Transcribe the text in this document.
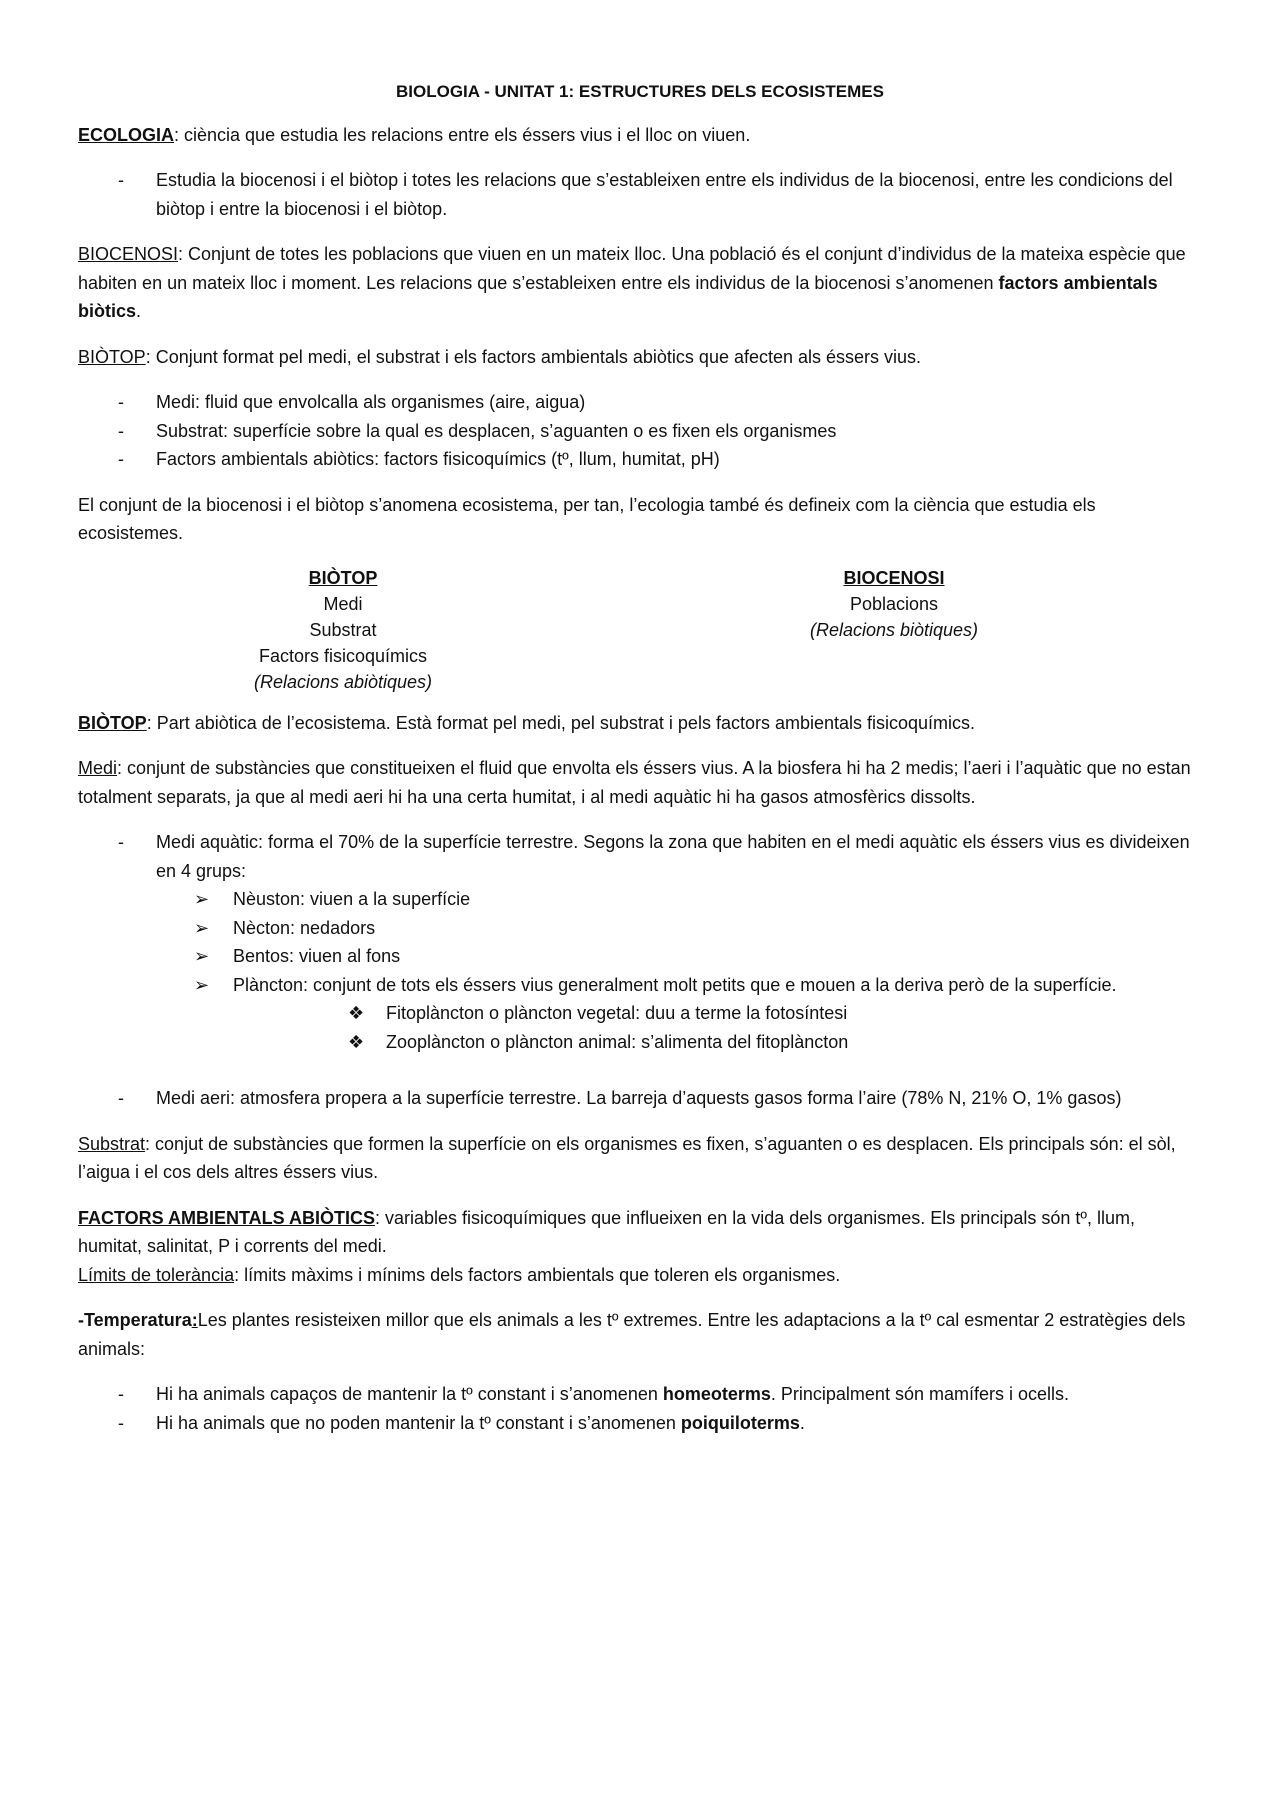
BIOLOGIA - UNITAT 1: ESTRUCTURES DELS ECOSISTEMES

ECOLOGIA: ciència que estudia les relacions entre els éssers vius i el lloc on viuen.

- Estudia la biocenosi i el biòtop i totes les relacions que s’estableixen entre els individus de la biocenosi, entre les condicions del biòtop i entre la biocenosi i el biòtop.

BIOCENOSI: Conjunt de totes les poblacions que viuen en un mateix lloc. Una població és el conjunt d’individus de la mateixa espècie que habiten en un mateix lloc i moment. Les relacions que s’estableixen entre els individus de la biocenosi s’anomenen factors ambientals biòtics.

BIÒTOP: Conjunt format pel medi, el substrat i els factors ambientals abiòtics que afecten als éssers vius.

- Medi: fluid que envolcalla als organismes (aire, aigua)
- Substrat: superfície sobre la qual es desplacen, s’aguanten o es fixen els organismes
- Factors ambientals abiòtics: factors fisicoquímics (tº, llum, humitat, pH)

El conjunt de la biocenosi i el biòtop s’anomena ecosistema, per tan, l’ecologia també és defineix com la ciència que estudia els ecosistemes.

BIÒTOP
Medi
Substrat
Factors fisicoquímics
(Relacions abiòtiques)
BIOCENOSI
Poblacions
(Relacions biòtiques)

BIÒTOP: Part abiòtica de l’ecosistema. Està format pel medi, pel substrat i pels factors ambientals fisicoquímics.

Medi: conjunt de substàncies que constitueixen el fluid que envolta els éssers vius. A la biosfera hi ha 2 medis; l’aeri i l’aquàtic que no estan totalment separats, ja que al medi aeri hi ha una certa humitat, i al medi aquàtic hi ha gasos atmosfèrics dissolts.

- Medi aquàtic: forma el 70% de la superfície terrestre. Segons la zona que habiten en el medi aquàtic els éssers vius es divideixen en 4 grups:
➢ Nèuston: viuen a la superfície
➢ Nècton: nedadors
➢ Bentos: viuen al fons
➢ Plàncton: conjunt de tots els éssers vius generalment molt petits que e mouen a la deriva però de la superfície.
❖ Fitoplàncton o plàncton vegetal: duu a terme la fotosíntesi
❖ Zooplàncton o plàncton animal: s’alimenta del fitoplàncton
- Medi aeri: atmosfera propera a la superfície terrestre. La barreja d’aquests gasos forma l’aire (78% N, 21% O, 1% gasos)

Substrat: conjut de substàncies que formen la superfície on els organismes es fixen, s’aguanten o es desplacen. Els principals són: el sòl, l’aigua i el cos dels altres éssers vius.

FACTORS AMBIENTALS ABIÒTICS: variables fisicoquímiques que influeixen en la vida dels organismes. Els principals són tº, llum, humitat, salinitat, P i corrents del medi.
Límits de tolerància: límits màxims i mínims dels factors ambientals que toleren els organismes.

-Temperatura:Les plantes resisteixen millor que els animals a les tº extremes. Entre les adaptacions a la tº cal esmentar 2 estratègies dels animals:

- Hi ha animals capaços de mantenir la tº constant i s’anomenen homeoterms. Principalment són mamífers i ocells.
- Hi ha animals que no poden mantenir la tº constant i s’anomenen poiquiloterms.
